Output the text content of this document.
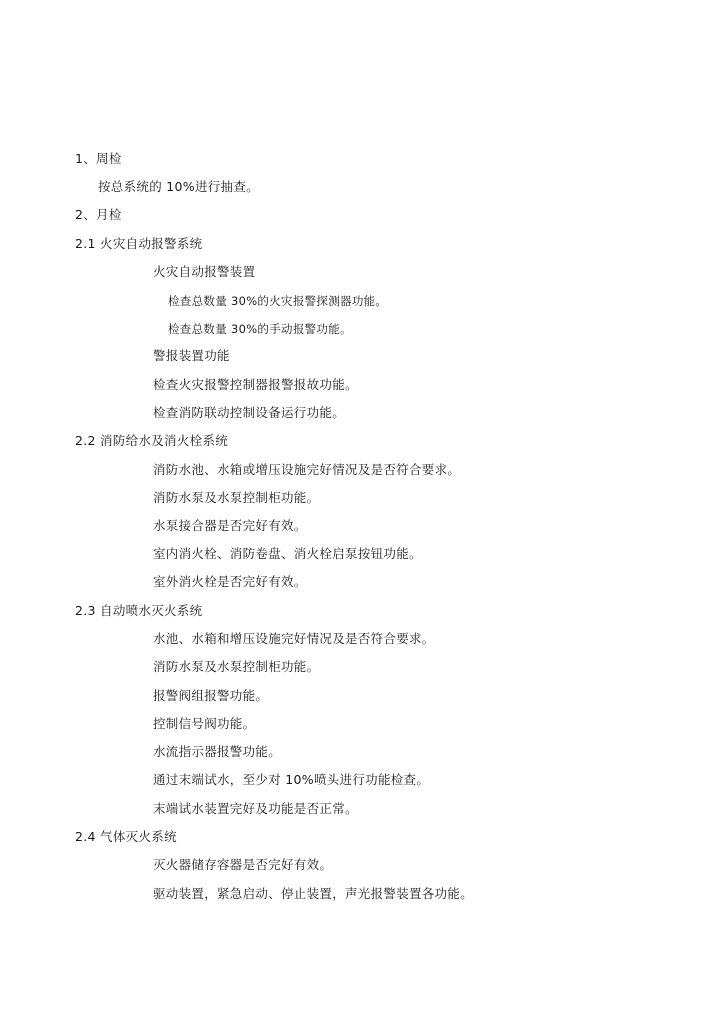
1、周检
按总系统的 10%进行抽查。
2、月检
2.1 火灾自动报警系统
火灾自动报警装置
检查总数量 30%的火灾报警探测器功能。
检查总数量 30%的手动报警功能。
警报装置功能
检查火灾报警控制器报警报故功能。
检查消防联动控制设备运行功能。
2.2 消防给水及消火栓系统
消防水池、水箱或增压设施完好情况及是否符合要求。
消防水泵及水泵控制柜功能。
水泵接合器是否完好有效。
室内消火栓、消防卷盘、消火栓启泵按钮功能。
室外消火栓是否完好有效。
2.3 自动喷水灭火系统
水池、水箱和增压设施完好情况及是否符合要求。
消防水泵及水泵控制柜功能。
报警阀组报警功能。
控制信号阀功能。
水流指示器报警功能。
通过末端试水，至少对 10%喷头进行功能检查。
末端试水装置完好及功能是否正常。
2.4 气体灭火系统
灭火器储存容器是否完好有效。
驱动装置，紧急启动、停止装置，声光报警装置各功能。
